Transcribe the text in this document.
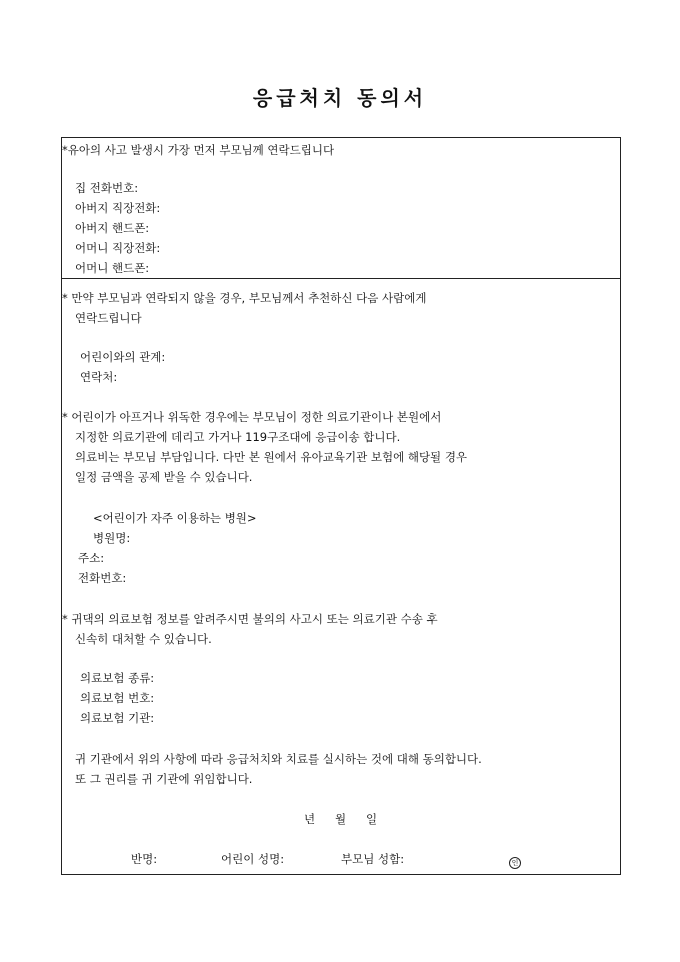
응급처치 동의서
*유아의 사고 발생시 가장 먼저 부모님께 연락드립니다
집 전화번호:
아버지 직장전화:
아버지 핸드폰:
어머니 직장전화:
어머니 핸드폰:
* 만약 부모님과 연락되지 않을 경우, 부모님께서 추천하신 다음 사람에게
연락드립니다
어린이와의 관계:
연락처:
* 어린이가 아프거나 위독한 경우에는 부모님이 정한 의료기관이나 본원에서
지정한 의료기관에 데리고 가거나 119구조대에 응급이송 합니다.
의료비는 부모님 부담입니다. 다만 본 원에서 유아교육기관 보험에 해당될 경우
일정 금액을 공제 받을 수 있습니다.
<어린이가 자주 이용하는 병원>
병원명:
주소:
전화번호:
* 귀댁의 의료보험 정보를 알려주시면 불의의 사고시 또는 의료기관 수송 후
신속히 대처할 수 있습니다.
의료보험 종류:
의료보험 번호:
의료보험 기관:
귀 기관에서 위의 사항에 따라 응급처치와 치료를 실시하는 것에 대해 동의합니다.
또 그 권리를 귀 기관에 위임합니다.
년 월 일
반명:	어린이 성명:	부모님 성함:	인
